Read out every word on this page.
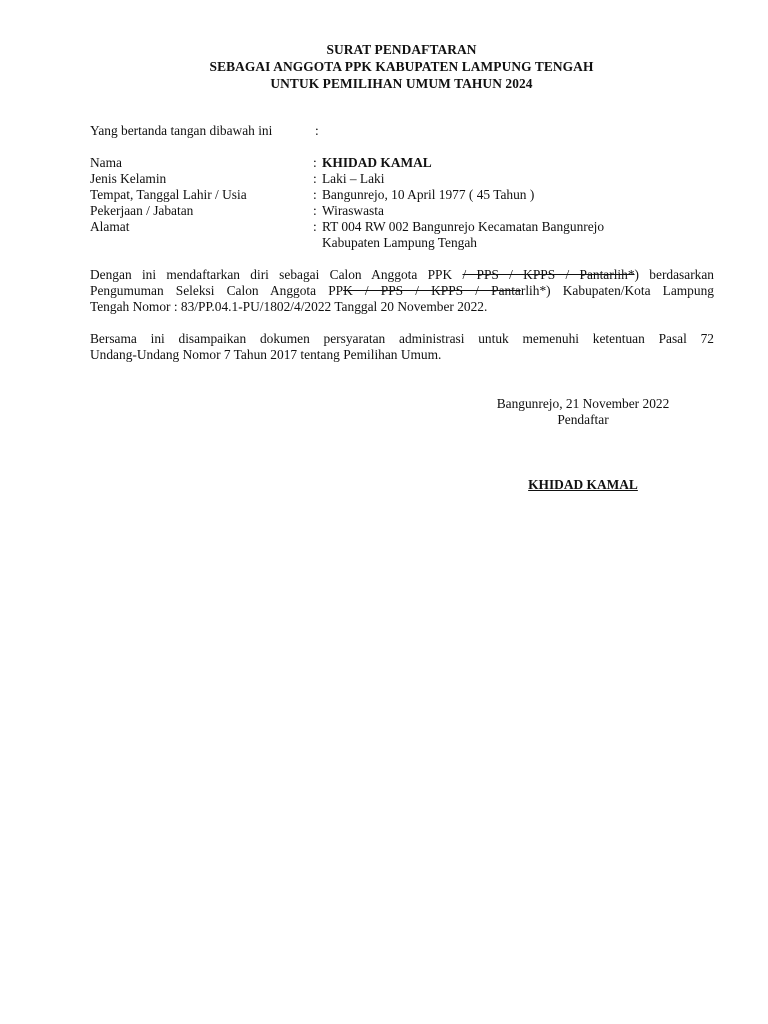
SURAT PENDAFTARAN
SEBAGAI ANGGOTA PPK KABUPATEN LAMPUNG TENGAH
UNTUK PEMILIHAN UMUM TAHUN 2024
Yang bertanda tangan dibawah ini	:
Nama	: KHIDAD KAMAL
Jenis Kelamin	: Laki – Laki
Tempat, Tanggal Lahir / Usia	: Bangunrejo, 10 April 1977 ( 45 Tahun )
Pekerjaan / Jabatan	: Wiraswasta
Alamat	: RT 004 RW 002 Bangunrejo Kecamatan Bangunrejo
Kabupaten Lampung Tengah
Dengan ini mendaftarkan diri sebagai Calon Anggota PPK / PPS / KPPS / Pantarlih*) berdasarkan
Pengumuman Seleksi Calon Anggota PPK / PPS / KPPS / Pantarlih*) Kabupaten/Kota Lampung
Tengah Nomor : 83/PP.04.1-PU/1802/4/2022 Tanggal 20 November 2022.
Bersama ini disampaikan dokumen persyaratan administrasi untuk memenuhi ketentuan Pasal 72
Undang-Undang Nomor 7 Tahun 2017 tentang Pemilihan Umum.
Bangunrejo, 21 November 2022
Pendaftar
KHIDAD KAMAL
